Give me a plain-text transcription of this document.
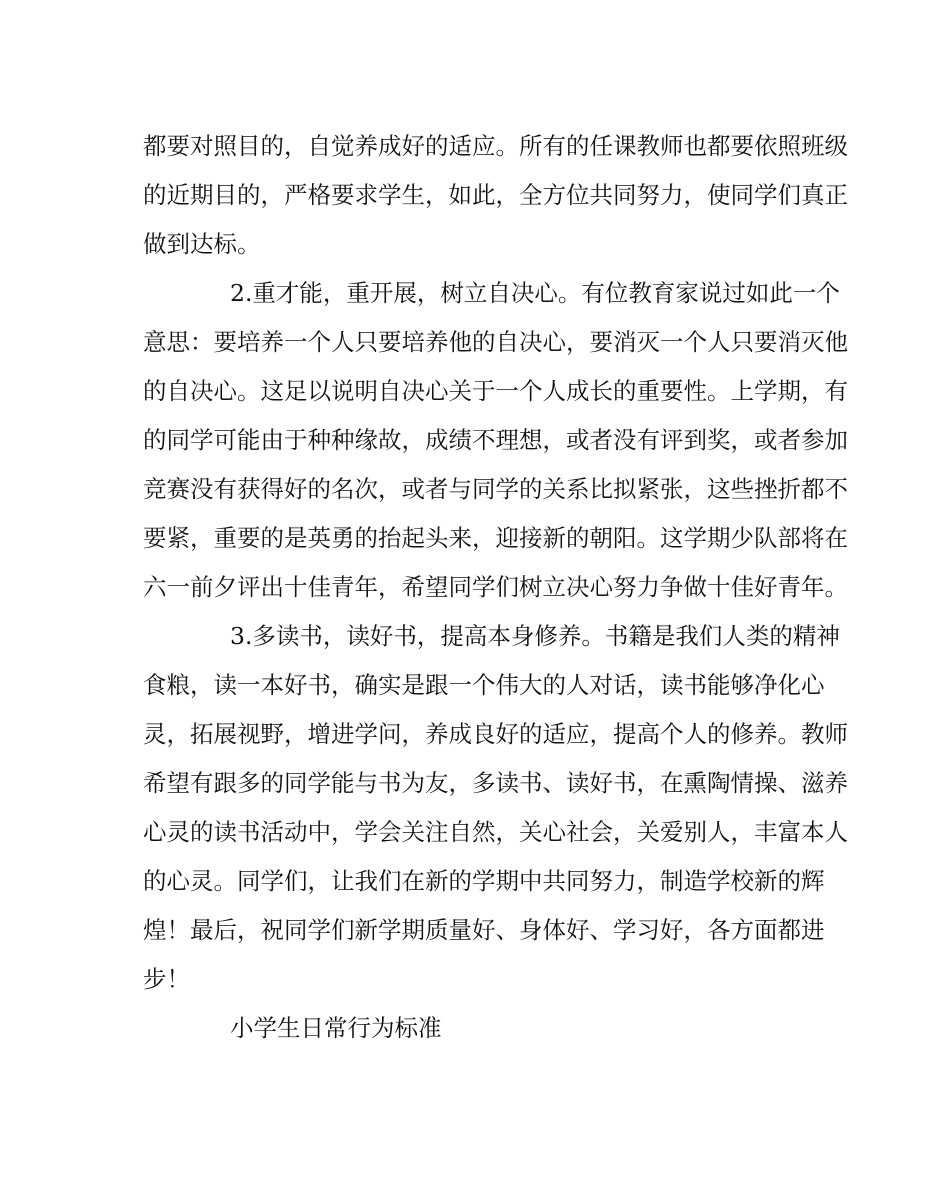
都要对照目的，自觉养成好的适应。所有的任课教师也都要依照班级

的近期目的，严格要求学生，如此，全方位共同努力，使同学们真正

做到达标。

2.重才能，重开展，树立自决心。有位教育家说过如此一个

意思：要培养一个人只要培养他的自决心，要消灭一个人只要消灭他

的自决心。这足以说明自决心关于一个人成长的重要性。上学期，有

的同学可能由于种种缘故，成绩不理想，或者没有评到奖，或者参加

竞赛没有获得好的名次，或者与同学的关系比拟紧张，这些挫折都不

要紧，重要的是英勇的抬起头来，迎接新的朝阳。这学期少队部将在

六一前夕评出十佳青年，希望同学们树立决心努力争做十佳好青年。

3.多读书，读好书，提高本身修养。书籍是我们人类的精神

食粮，读一本好书，确实是跟一个伟大的人对话，读书能够净化心

灵，拓展视野，增进学问，养成良好的适应，提高个人的修养。教师

希望有跟多的同学能与书为友，多读书、读好书，在熏陶情操、滋养

心灵的读书活动中，学会关注自然，关心社会，关爱别人，丰富本人

的心灵。同学们，让我们在新的学期中共同努力，制造学校新的辉

煌！最后，祝同学们新学期质量好、身体好、学习好，各方面都进

步！

小学生日常行为标准
